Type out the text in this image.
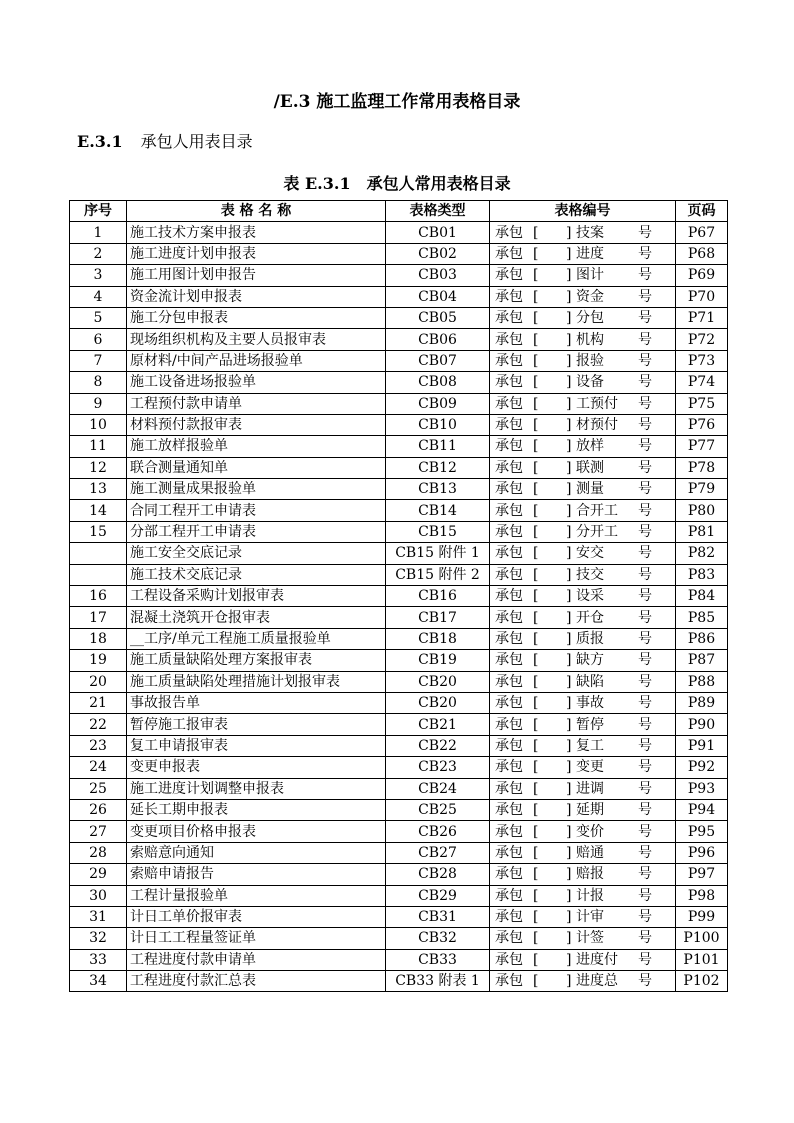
/E.3 施工监理工作常用表格目录
E.3.1 承包人用表目录
表 E.3.1　承包人常用表格目录
序号	表 格 名 称	表格类型	表格编号	页码
1	施工技术方案申报表	CB01	承包 [ ] 技案 号	P67
2	施工进度计划申报表	CB02	承包 [ ] 进度 号	P68
3	施工用图计划申报告	CB03	承包 [ ] 图计 号	P69
4	资金流计划申报表	CB04	承包 [ ] 资金 号	P70
5	施工分包申报表	CB05	承包 [ ] 分包 号	P71
6	现场组织机构及主要人员报审表	CB06	承包 [ ] 机构 号	P72
7	原材料/中间产品进场报验单	CB07	承包 [ ] 报验 号	P73
8	施工设备进场报验单	CB08	承包 [ ] 设备 号	P74
9	工程预付款申请单	CB09	承包 [ ] 工预付 号	P75
10	材料预付款报审表	CB10	承包 [ ] 材预付 号	P76
11	施工放样报验单	CB11	承包 [ ] 放样 号	P77
12	联合测量通知单	CB12	承包 [ ] 联测 号	P78
13	施工测量成果报验单	CB13	承包 [ ] 测量 号	P79
14	合同工程开工申请表	CB14	承包 [ ] 合开工 号	P80
15	分部工程开工申请表	CB15	承包 [ ] 分开工 号	P81
	施工安全交底记录	CB15 附件 1	承包 [ ] 安交 号	P82
	施工技术交底记录	CB15 附件 2	承包 [ ] 技交 号	P83
16	工程设备采购计划报审表	CB16	承包 [ ] 设采 号	P84
17	混凝土浇筑开仓报审表	CB17	承包 [ ] 开仓 号	P85
18	__工序/单元工程施工质量报验单	CB18	承包 [ ] 质报 号	P86
19	施工质量缺陷处理方案报审表	CB19	承包 [ ] 缺方 号	P87
20	施工质量缺陷处理措施计划报审表	CB20	承包 [ ] 缺陷 号	P88
21	事故报告单	CB20	承包 [ ] 事故 号	P89
22	暂停施工报审表	CB21	承包 [ ] 暂停 号	P90
23	复工申请报审表	CB22	承包 [ ] 复工 号	P91
24	变更申报表	CB23	承包 [ ] 变更 号	P92
25	施工进度计划调整申报表	CB24	承包 [ ] 进调 号	P93
26	延长工期申报表	CB25	承包 [ ] 延期 号	P94
27	变更项目价格申报表	CB26	承包 [ ] 变价 号	P95
28	索赔意向通知	CB27	承包 [ ] 赔通 号	P96
29	索赔申请报告	CB28	承包 [ ] 赔报 号	P97
30	工程计量报验单	CB29	承包 [ ] 计报 号	P98
31	计日工单价报审表	CB31	承包 [ ] 计审 号	P99
32	计日工工程量签证单	CB32	承包 [ ] 计签 号	P100
33	工程进度付款申请单	CB33	承包 [ ] 进度付 号	P101
34	工程进度付款汇总表	CB33 附表 1	承包 [ ] 进度总 号	P102
